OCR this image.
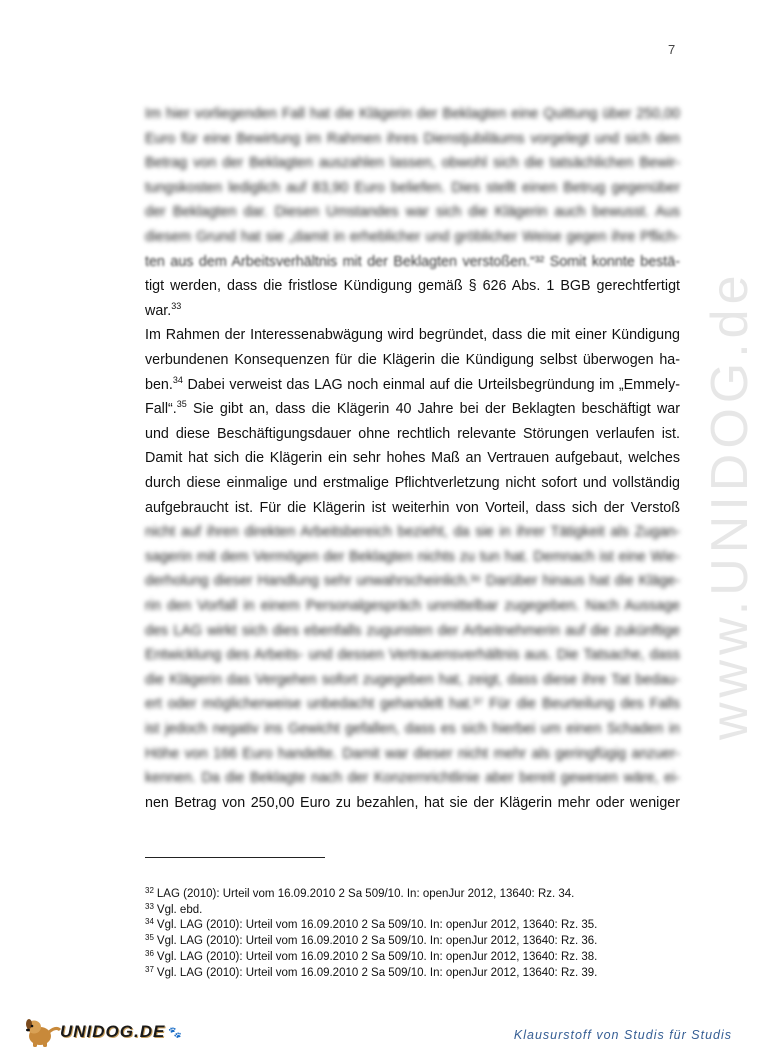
7
www.UNIDOG.de
Im hier vorliegenden Fall hat die Klägerin der Beklagten eine Quittung über 250,00
Euro für eine Bewirtung im Rahmen ihres Dienstjubiläums vorgelegt und sich den
Betrag von der Beklagten auszahlen lassen, obwohl sich die tatsächlichen Bewir-
tungskosten lediglich auf 83,90 Euro beliefen. Dies stellt einen Betrug gegenüber
der Beklagten dar. Diesen Umstandes war sich die Klägerin auch bewusst. Aus
diesem Grund hat sie „damit in erheblicher und gröblicher Weise gegen ihre Pflich-
ten aus dem Arbeitsverhältnis mit der Beklagten verstoßen.“³² Somit konnte bestä-
tigt werden, dass die fristlose Kündigung gemäß § 626 Abs. 1 BGB gerechtfertigt
war.$^{33}$
Im Rahmen der Interessenabwägung wird begründet, dass die mit einer Kündigung
verbundenen Konsequenzen für die Klägerin die Kündigung selbst überwogen ha-
ben.$^{34}$ Dabei verweist das LAG noch einmal auf die Urteilsbegründung im „Emmely-
Fall“.$^{35}$ Sie gibt an, dass die Klägerin 40 Jahre bei der Beklagten beschäftigt war
und diese Beschäftigungsdauer ohne rechtlich relevante Störungen verlaufen ist.
Damit hat sich die Klägerin ein sehr hohes Maß an Vertrauen aufgebaut, welches
durch diese einmalige und erstmalige Pflichtverletzung nicht sofort und vollständig
aufgebraucht ist. Für die Klägerin ist weiterhin von Vorteil, dass sich der Verstoß
nicht auf ihren direkten Arbeitsbereich bezieht, da sie in ihrer Tätigkeit als Zugan-
sagerin mit dem Vermögen der Beklagten nichts zu tun hat. Demnach ist eine Wie-
derholung dieser Handlung sehr unwahrscheinlich.³⁶ Darüber hinaus hat die Kläge-
rin den Vorfall in einem Personalgespräch unmittelbar zugegeben. Nach Aussage
des LAG wirkt sich dies ebenfalls zugunsten der Arbeitnehmerin auf die zukünftige
Entwicklung des Arbeits- und dessen Vertrauensverhältnis aus. Die Tatsache, dass
die Klägerin das Vergehen sofort zugegeben hat, zeigt, dass diese ihre Tat bedau-
ert oder möglicherweise unbedacht gehandelt hat.³⁷ Für die Beurteilung des Falls
ist jedoch negativ ins Gewicht gefallen, dass es sich hierbei um einen Schaden in
Höhe von 166 Euro handelte. Damit war dieser nicht mehr als geringfügig anzuer-
kennen. Da die Beklagte nach der Konzernrichtlinie aber bereit gewesen wäre, ei-
nen Betrag von 250,00 Euro zu bezahlen, hat sie der Klägerin mehr oder weniger
$^{32}$ LAG (2010): Urteil vom 16.09.2010 2 Sa 509/10. In: openJur 2012, 13640: Rz. 34.
$^{33}$ Vgl. ebd.
$^{34}$ Vgl. LAG (2010): Urteil vom 16.09.2010 2 Sa 509/10. In: openJur 2012, 13640: Rz. 35.
$^{35}$ Vgl. LAG (2010): Urteil vom 16.09.2010 2 Sa 509/10. In: openJur 2012, 13640: Rz. 36.
$^{36}$ Vgl. LAG (2010): Urteil vom 16.09.2010 2 Sa 509/10. In: openJur 2012, 13640: Rz. 38.
$^{37}$ Vgl. LAG (2010): Urteil vom 16.09.2010 2 Sa 509/10. In: openJur 2012, 13640: Rz. 39.
UNIDOG.DE 🐾	Klausurstoff von Studis für Studis
